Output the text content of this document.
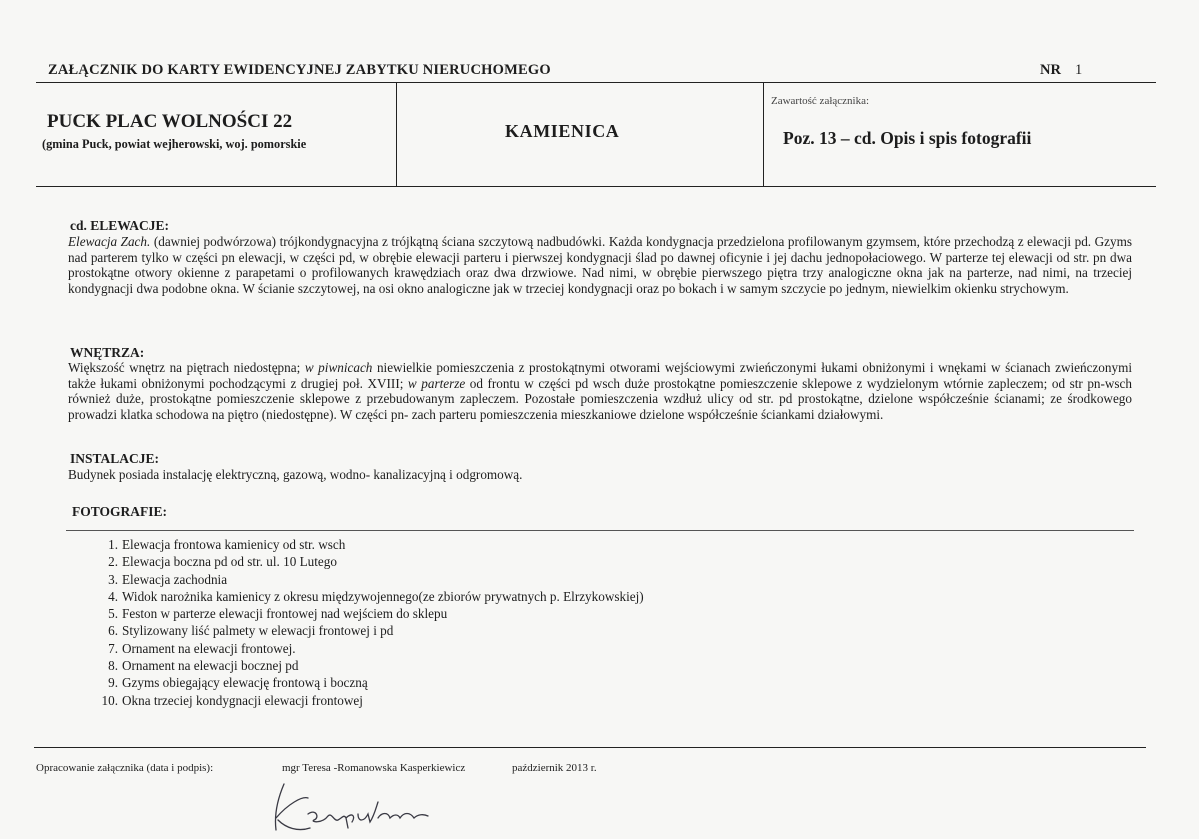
ZAŁĄCZNIK DO KARTY EWIDENCYJNEJ ZABYTKU NIERUCHOMEGO	NR 1
PUCK PLAC WOLNOŚCI 22
(gmina Puck, powiat wejherowski, woj. pomorskie
KAMIENICA
Zawartość załącznika:
Poz. 13 – cd. Opis i spis fotografii
cd. ELEWACJE:
Elewacja Zach. (dawniej podwórzowa) trójkondygnacyjna z trójkątną ściana szczytową nadbudówki. Każda kondygnacja przedzielona profilowanym gzymsem, które przechodzą z elewacji pd. Gzyms nad parterem tylko w części pn elewacji, w części pd, w obrębie elewacji parteru i pierwszej kondygnacji ślad po dawnej oficynie i jej dachu jednopołaciowego. W parterze tej elewacji od str. pn dwa prostokątne otwory okienne z parapetami o profilowanych krawędziach oraz dwa drzwiowe. Nad nimi, w obrębie pierwszego piętra trzy analogiczne okna jak na parterze, nad nimi, na trzeciej kondygnacji dwa podobne okna. W ścianie szczytowej, na osi okno analogiczne jak w trzeciej kondygnacji oraz po bokach i w samym szczycie po jednym, niewielkim okienku strychowym.
WNĘTRZA:
Większość wnętrz na piętrach niedostępna; w piwnicach niewielkie pomieszczenia z prostokątnymi otworami wejściowymi zwieńczonymi łukami obniżonymi i wnękami w ścianach zwieńczonymi także łukami obniżonymi pochodzącymi z drugiej poł. XVIII; w parterze od frontu w części pd wsch duże prostokątne pomieszczenie sklepowe z wydzielonym wtórnie zapleczem; od str pn-wsch również duże, prostokątne pomieszczenie sklepowe z przebudowanym zapleczem. Pozostałe pomieszczenia wzdłuż ulicy od str. pd prostokątne, dzielone współcześnie ścianami; ze środkowego prowadzi klatka schodowa na piętro (niedostępne). W części pn- zach parteru pomieszczenia mieszkaniowe dzielone współcześnie ściankami działowymi.
INSTALACJE:
Budynek posiada instalację elektryczną, gazową, wodno- kanalizacyjną i odgromową.
FOTOGRAFIE:
1. Elewacja frontowa kamienicy od str. wsch
2. Elewacja boczna pd od str. ul. 10 Lutego
3. Elewacja zachodnia
4. Widok narożnika kamienicy z okresu międzywojennego(ze zbiorów prywatnych p. Elrzykowskiej)
5. Feston w parterze elewacji frontowej nad wejściem do sklepu
6. Stylizowany liść palmety w elewacji frontowej i pd
7. Ornament na elewacji frontowej.
8. Ornament na elewacji bocznej pd
9. Gzyms obiegający elewację frontową i boczną
10. Okna trzeciej kondygnacji elewacji frontowej
Opracowanie załącznika (data i podpis):	mgr Teresa -Romanowska Kasperkiewicz	październik 2013 r.
